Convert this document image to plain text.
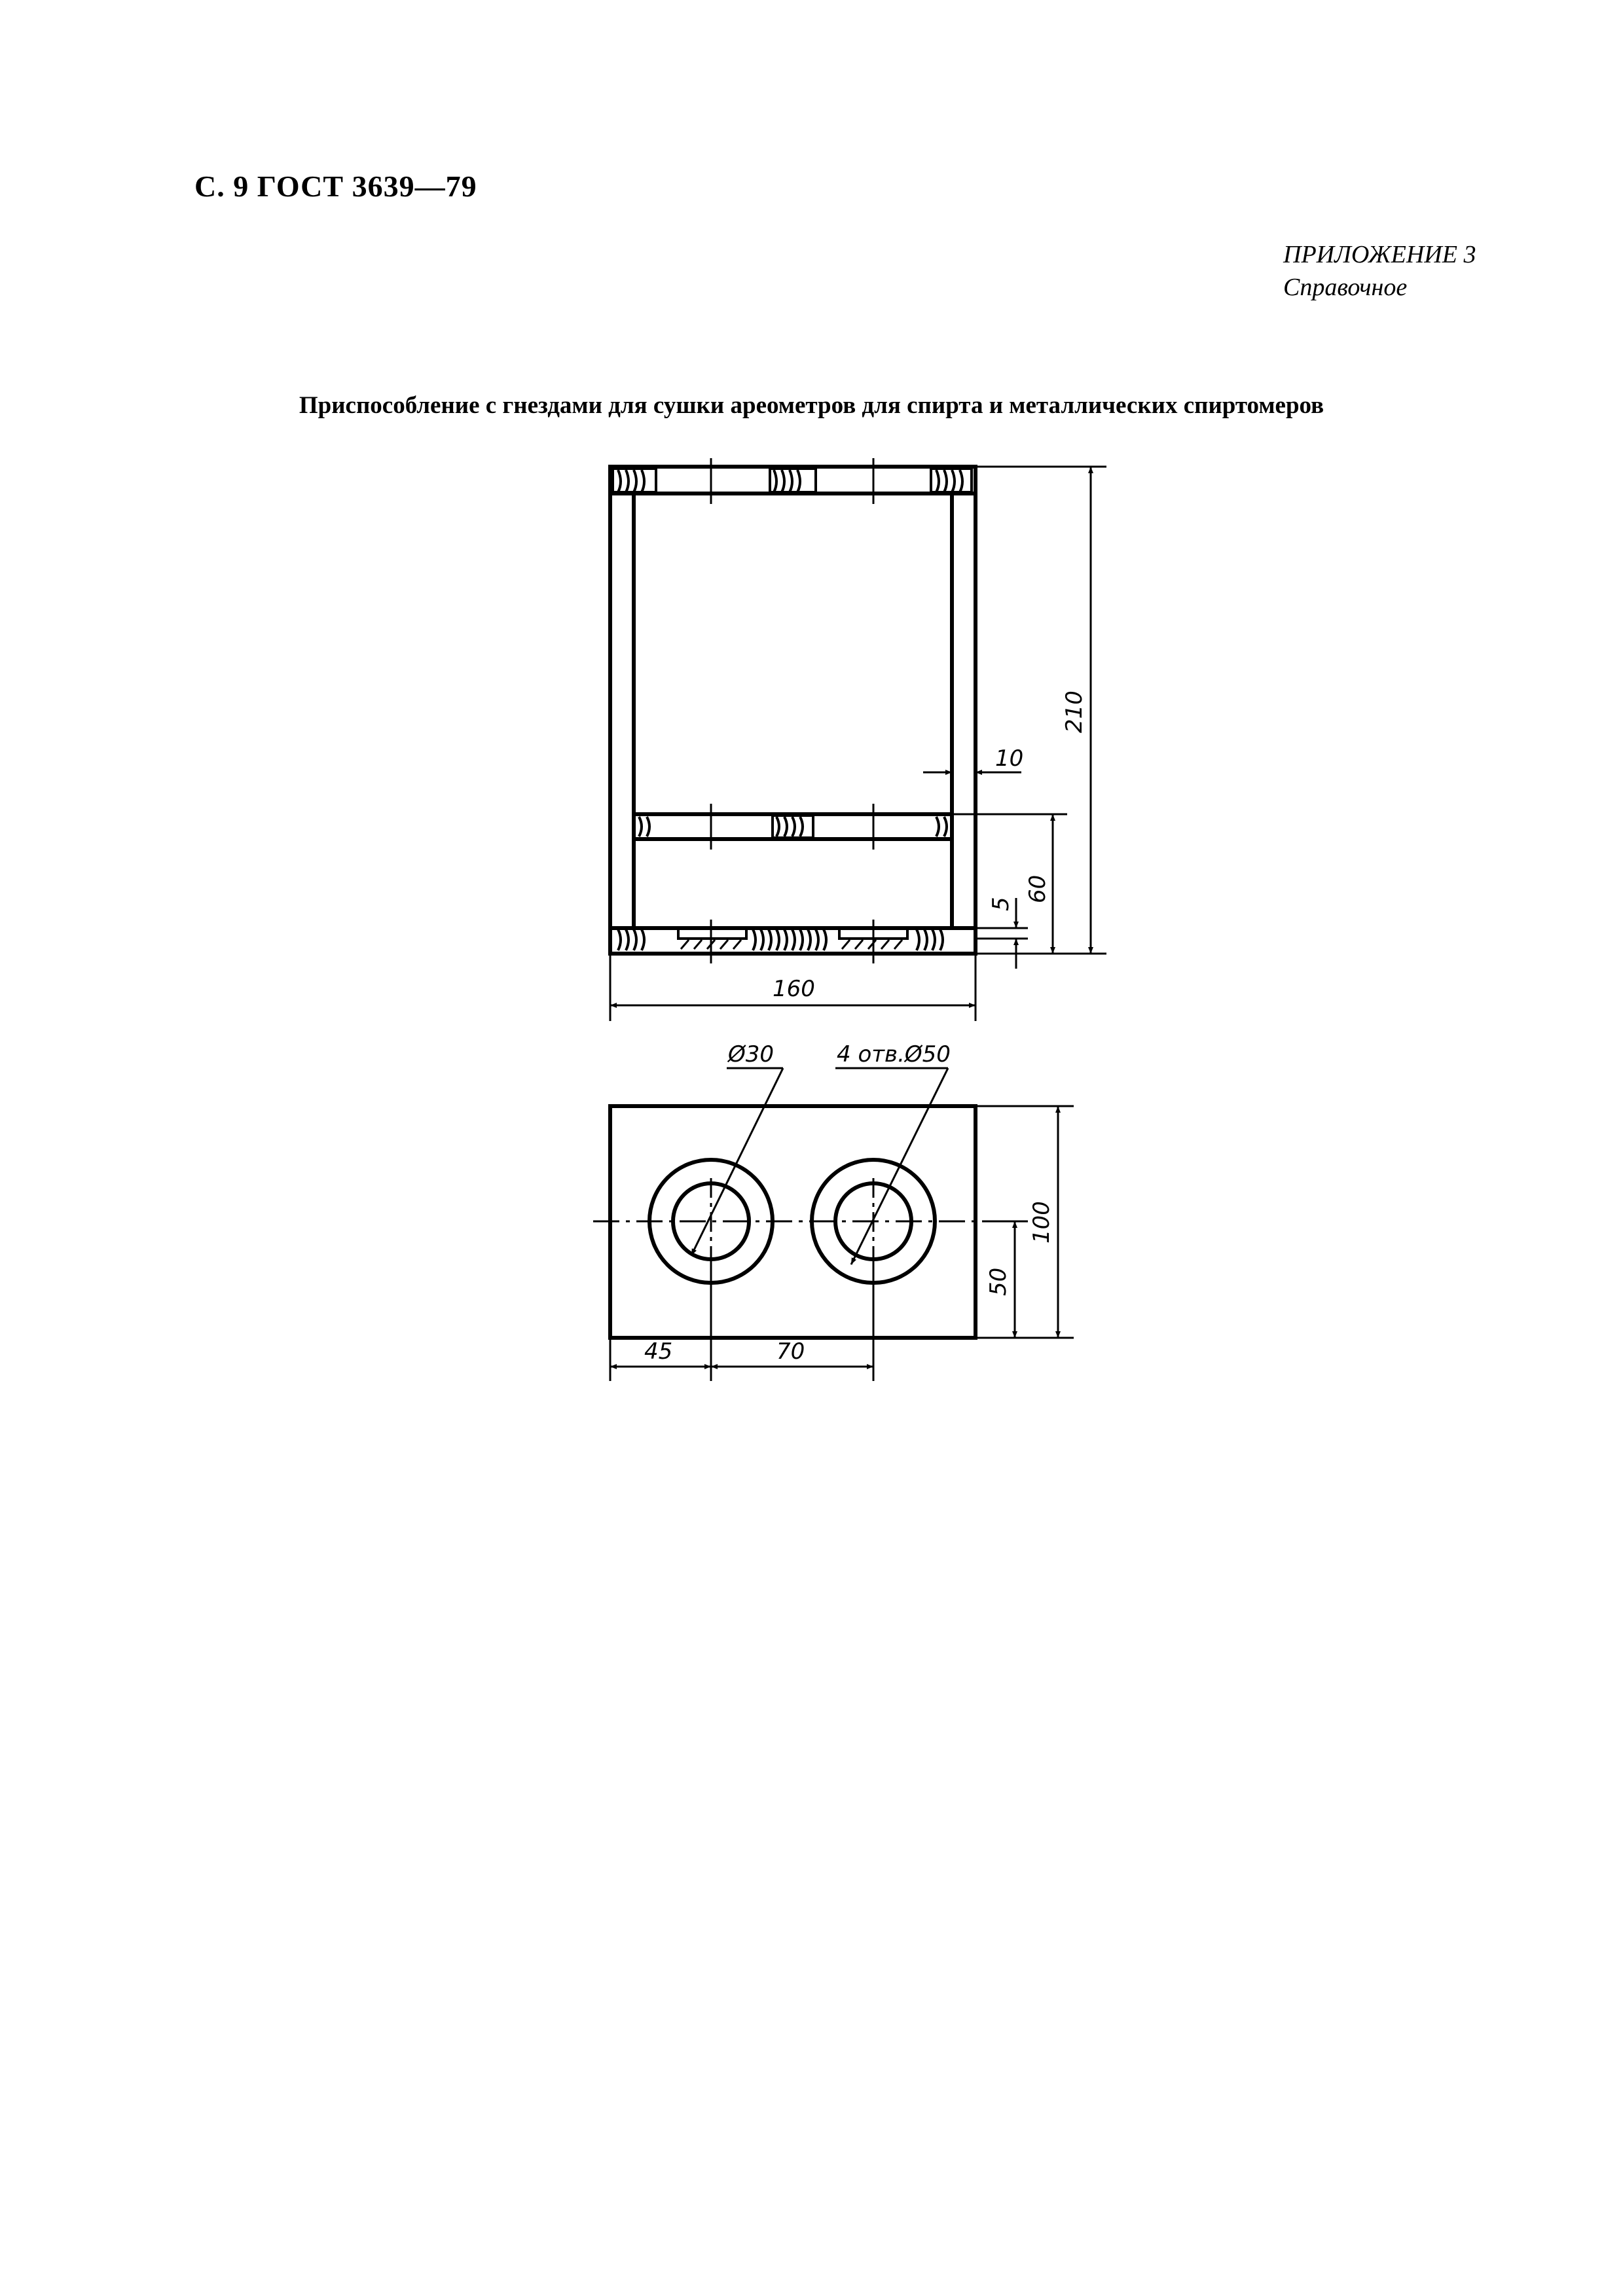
С. 9 ГОСТ 3639—79
ПРИЛОЖЕНИЕ 3
Справочное
Приспособление с гнездами для сушки ареометров для спирта и металлических спиртомеров
210
10
60
5
160
Ø30	4 отв.Ø50
100
50
45	70
